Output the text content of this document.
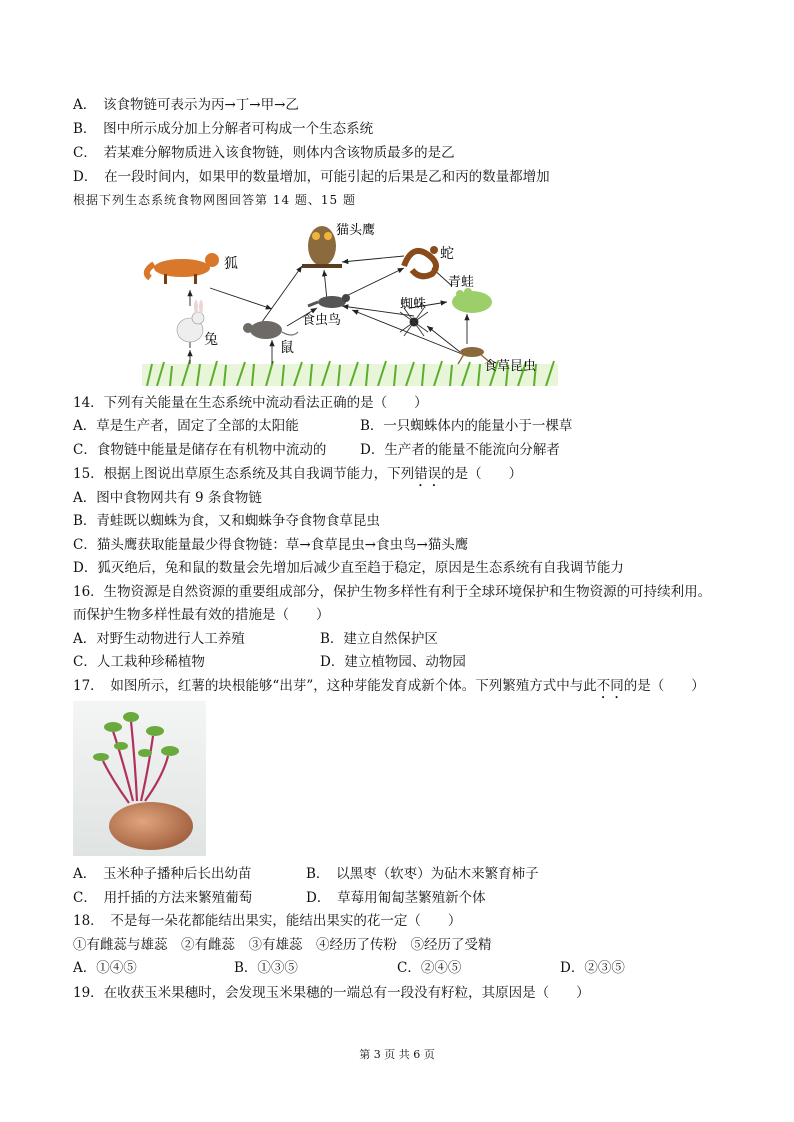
A．　该食物链可表示为丙→丁→甲→乙
B．　图中所示成分加上分解者可构成一个生态系统
C．　若某难分解物质进入该食物链，则体内含该物质最多的是乙
D．　在一段时间内，如果甲的数量增加，可能引起的后果是乙和丙的数量都增加
根据下列生态系统食物网图回答第 14 题、15 题
狐
猫头鹰
蛇
青蛙
蜘蛛
兔	鼠
食虫鸟
食草昆虫
14．下列有关能量在生态系统中流动看法正确的是（　　）
A．草是生产者，固定了全部的太阳能	B．一只蜘蛛体内的能量小于一棵草
C．食物链中能量是储存在有机物中流动的 D．生产者的能量不能流向分解者
15．根据上图说出草原生态系统及其自我调节能力，下列错误的是（　　）
A．图中食物网共有 9 条食物链
B．青蛙既以蜘蛛为食，又和蜘蛛争夺食物食草昆虫
C．猫头鹰获取能量最少得食物链：草→食草昆虫→食虫鸟→猫头鹰
D．狐灭绝后，兔和鼠的数量会先增加后减少直至趋于稳定，原因是生态系统有自我调节能力
16．生物资源是自然资源的重要组成部分，保护生物多样性有利于全球环境保护和生物资源的可持续利用。
而保护生物多样性最有效的措施是（　　）
A．对野生动物进行人工养殖	B．建立自然保护区
C．人工栽种珍稀植物	D．建立植物园、动物园
17．　如图所示，红薯的块根能够“出芽”，这种芽能发育成新个体。下列繁殖方式中与此不同的是（　　）
A．　玉米种子播种后长出幼苗	B．　以黑枣（软枣）为砧木来繁育柿子
C．　用扦插的方法来繁殖葡萄	D．　草莓用匍匐茎繁殖新个体
18．　不是每一朵花都能结出果实，能结出果实的花一定（　　）
①有雌蕊与雄蕊　②有雌蕊　③有雄蕊　④经历了传粉　⑤经历了受精
A．①④⑤	B．①③⑤	C．②④⑤	D．②③⑤
19．在收获玉米果穗时，会发现玉米果穗的一端总有一段没有籽粒，其原因是（　　）
第 3 页 共 6 页
